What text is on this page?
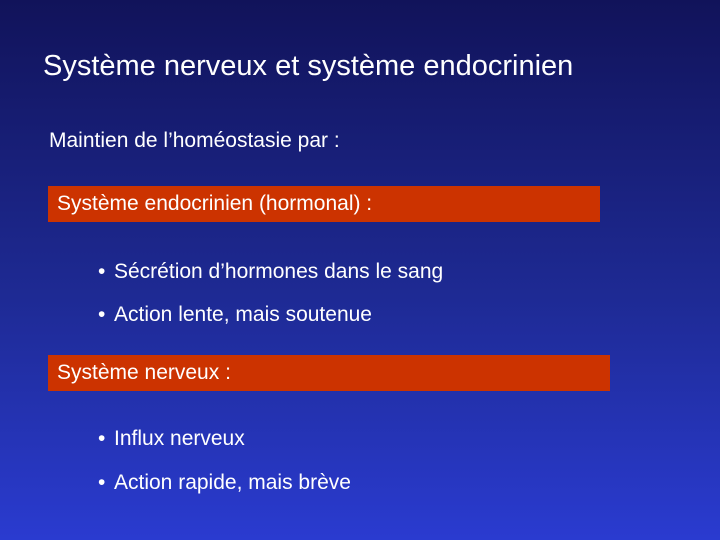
Système nerveux et système endocrinien
Maintien de l’homéostasie par :
Système endocrinien (hormonal) :
• Sécrétion d’hormones dans le sang
• Action lente, mais soutenue
Système nerveux :
• Influx nerveux
• Action rapide, mais brève
